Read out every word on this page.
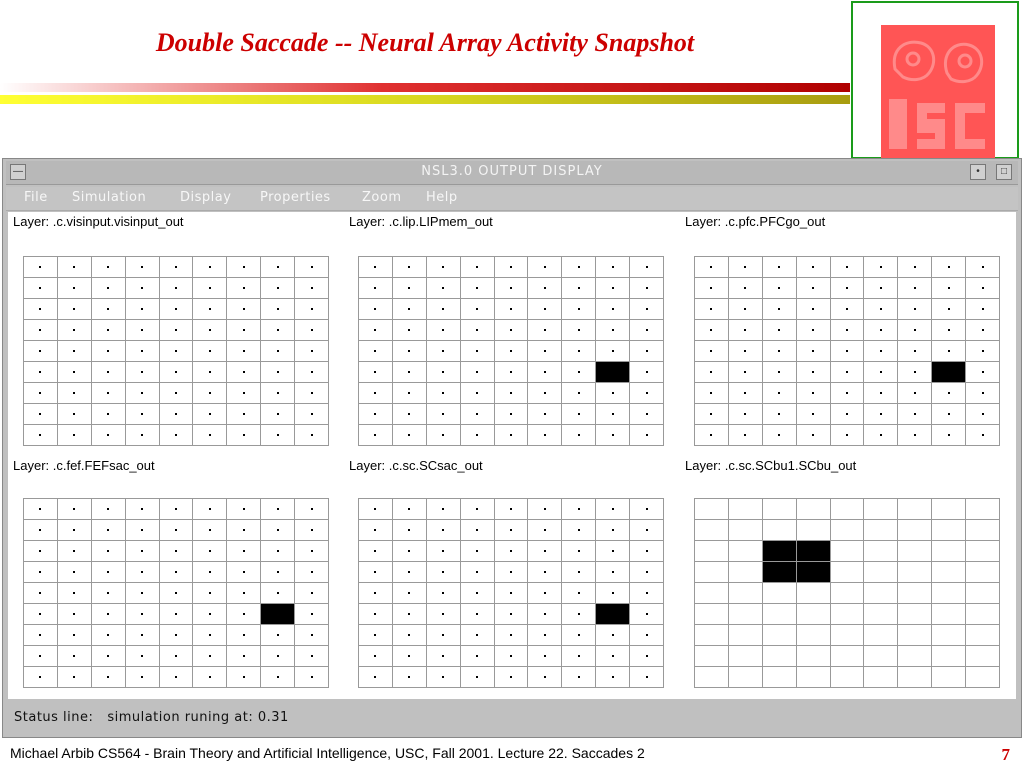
Double Saccade -- Neural Array Activity Snapshot
—	NSL3.0 OUTPUT DISPLAY	•	□
File Simulation	Display Properties Zoom Help
Layer: .c.visinput.visinput_out	Layer: .c.lip.LIPmem_out	Layer: .c.pfc.PFCgo_out
Layer: .c.fef.FEFsac_out	Layer: .c.sc.SCsac_out	Layer: .c.sc.SCbu1.SCbu_out
Status line: simulation runing at: 0.31
Michael Arbib CS564 - Brain Theory and Artificial Intelligence, USC, Fall 2001. Lecture 22. Saccades 2	7
